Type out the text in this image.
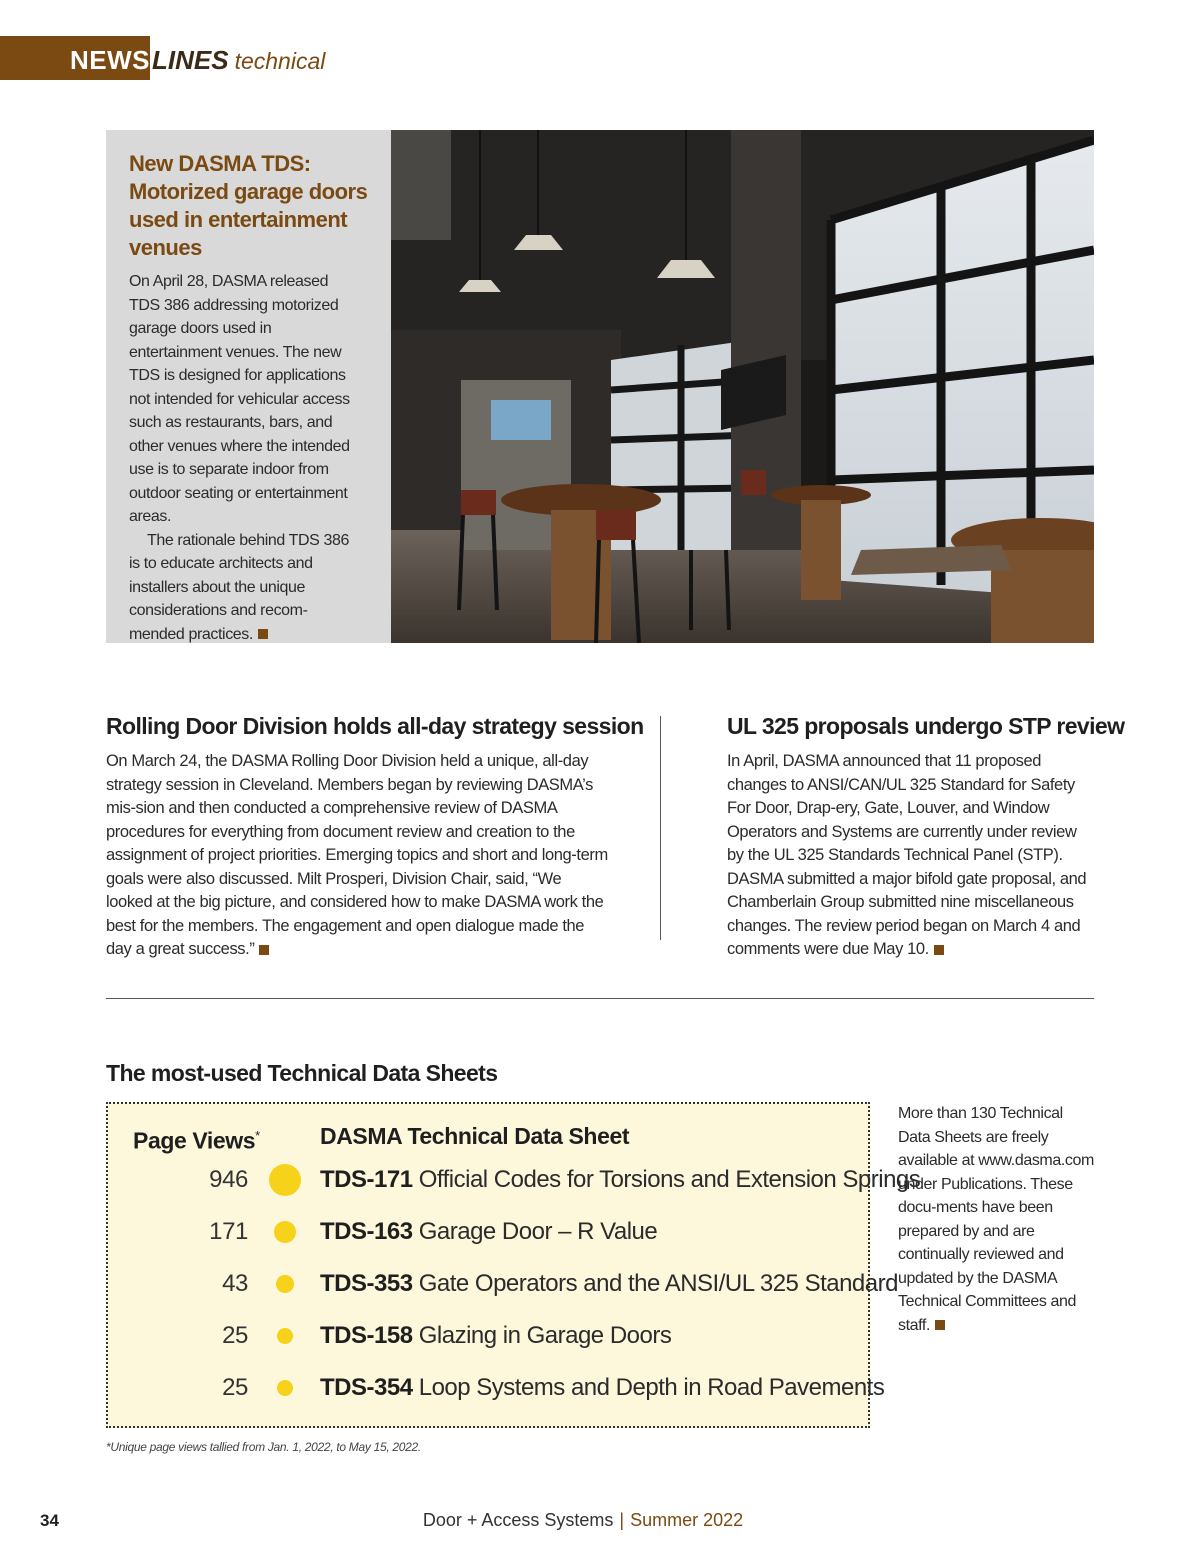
NEWSLINES technical
New DASMA TDS: Motorized garage doors used in entertainment venues

On April 28, DASMA released TDS 386 addressing motorized garage doors used in entertainment venues. The new TDS is designed for applications not intended for vehicular access such as restaurants, bars, and other venues where the intended use is to separate indoor from outdoor seating or entertainment areas.

The rationale behind TDS 386 is to educate architects and installers about the unique considerations and recom-mended practices.

Rolling Door Division holds all-day strategy session
On March 24, the DASMA Rolling Door Division held a unique, all-day strategy session in Cleveland. Members began by reviewing DASMA’s mis-sion and then conducted a comprehensive review of DASMA procedures for everything from document review and creation to the assignment of project priorities. Emerging topics and short and long-term goals were also discussed. Milt Prosperi, Division Chair, said, “We looked at the big picture, and considered how to make DASMA work the best for the members. The engagement and open dialogue made the day a great success.”
UL 325 proposals undergo STP review
In April, DASMA announced that 11 proposed changes to ANSI/CAN/UL 325 Standard for Safety For Door, Drap-ery, Gate, Louver, and Window Operators and Systems are currently under review by the UL 325 Standards Technical Panel (STP). DASMA submitted a major bifold gate proposal, and Chamberlain Group submitted nine miscellaneous changes. The review period began on March 4 and comments were due May 10.
The most-used Technical Data Sheets
Page Views*	DASMA Technical Data Sheet
946	TDS-171 Official Codes for Torsions and Extension Springs
171	TDS-163 Garage Door – R Value
43	TDS-353 Gate Operators and the ANSI/UL 325 Standard
25	TDS-158 Glazing in Garage Doors
25	TDS-354 Loop Systems and Depth in Road Pavements
More than 130 Technical Data Sheets are freely available at www.dasma.com under Publications. These docu-ments have been prepared by and are continually reviewed and updated by the DASMA Technical Committees and staff.
*Unique page views tallied from Jan. 1, 2022, to May 15, 2022.
34	Door + Access Systems | Summer 2022
